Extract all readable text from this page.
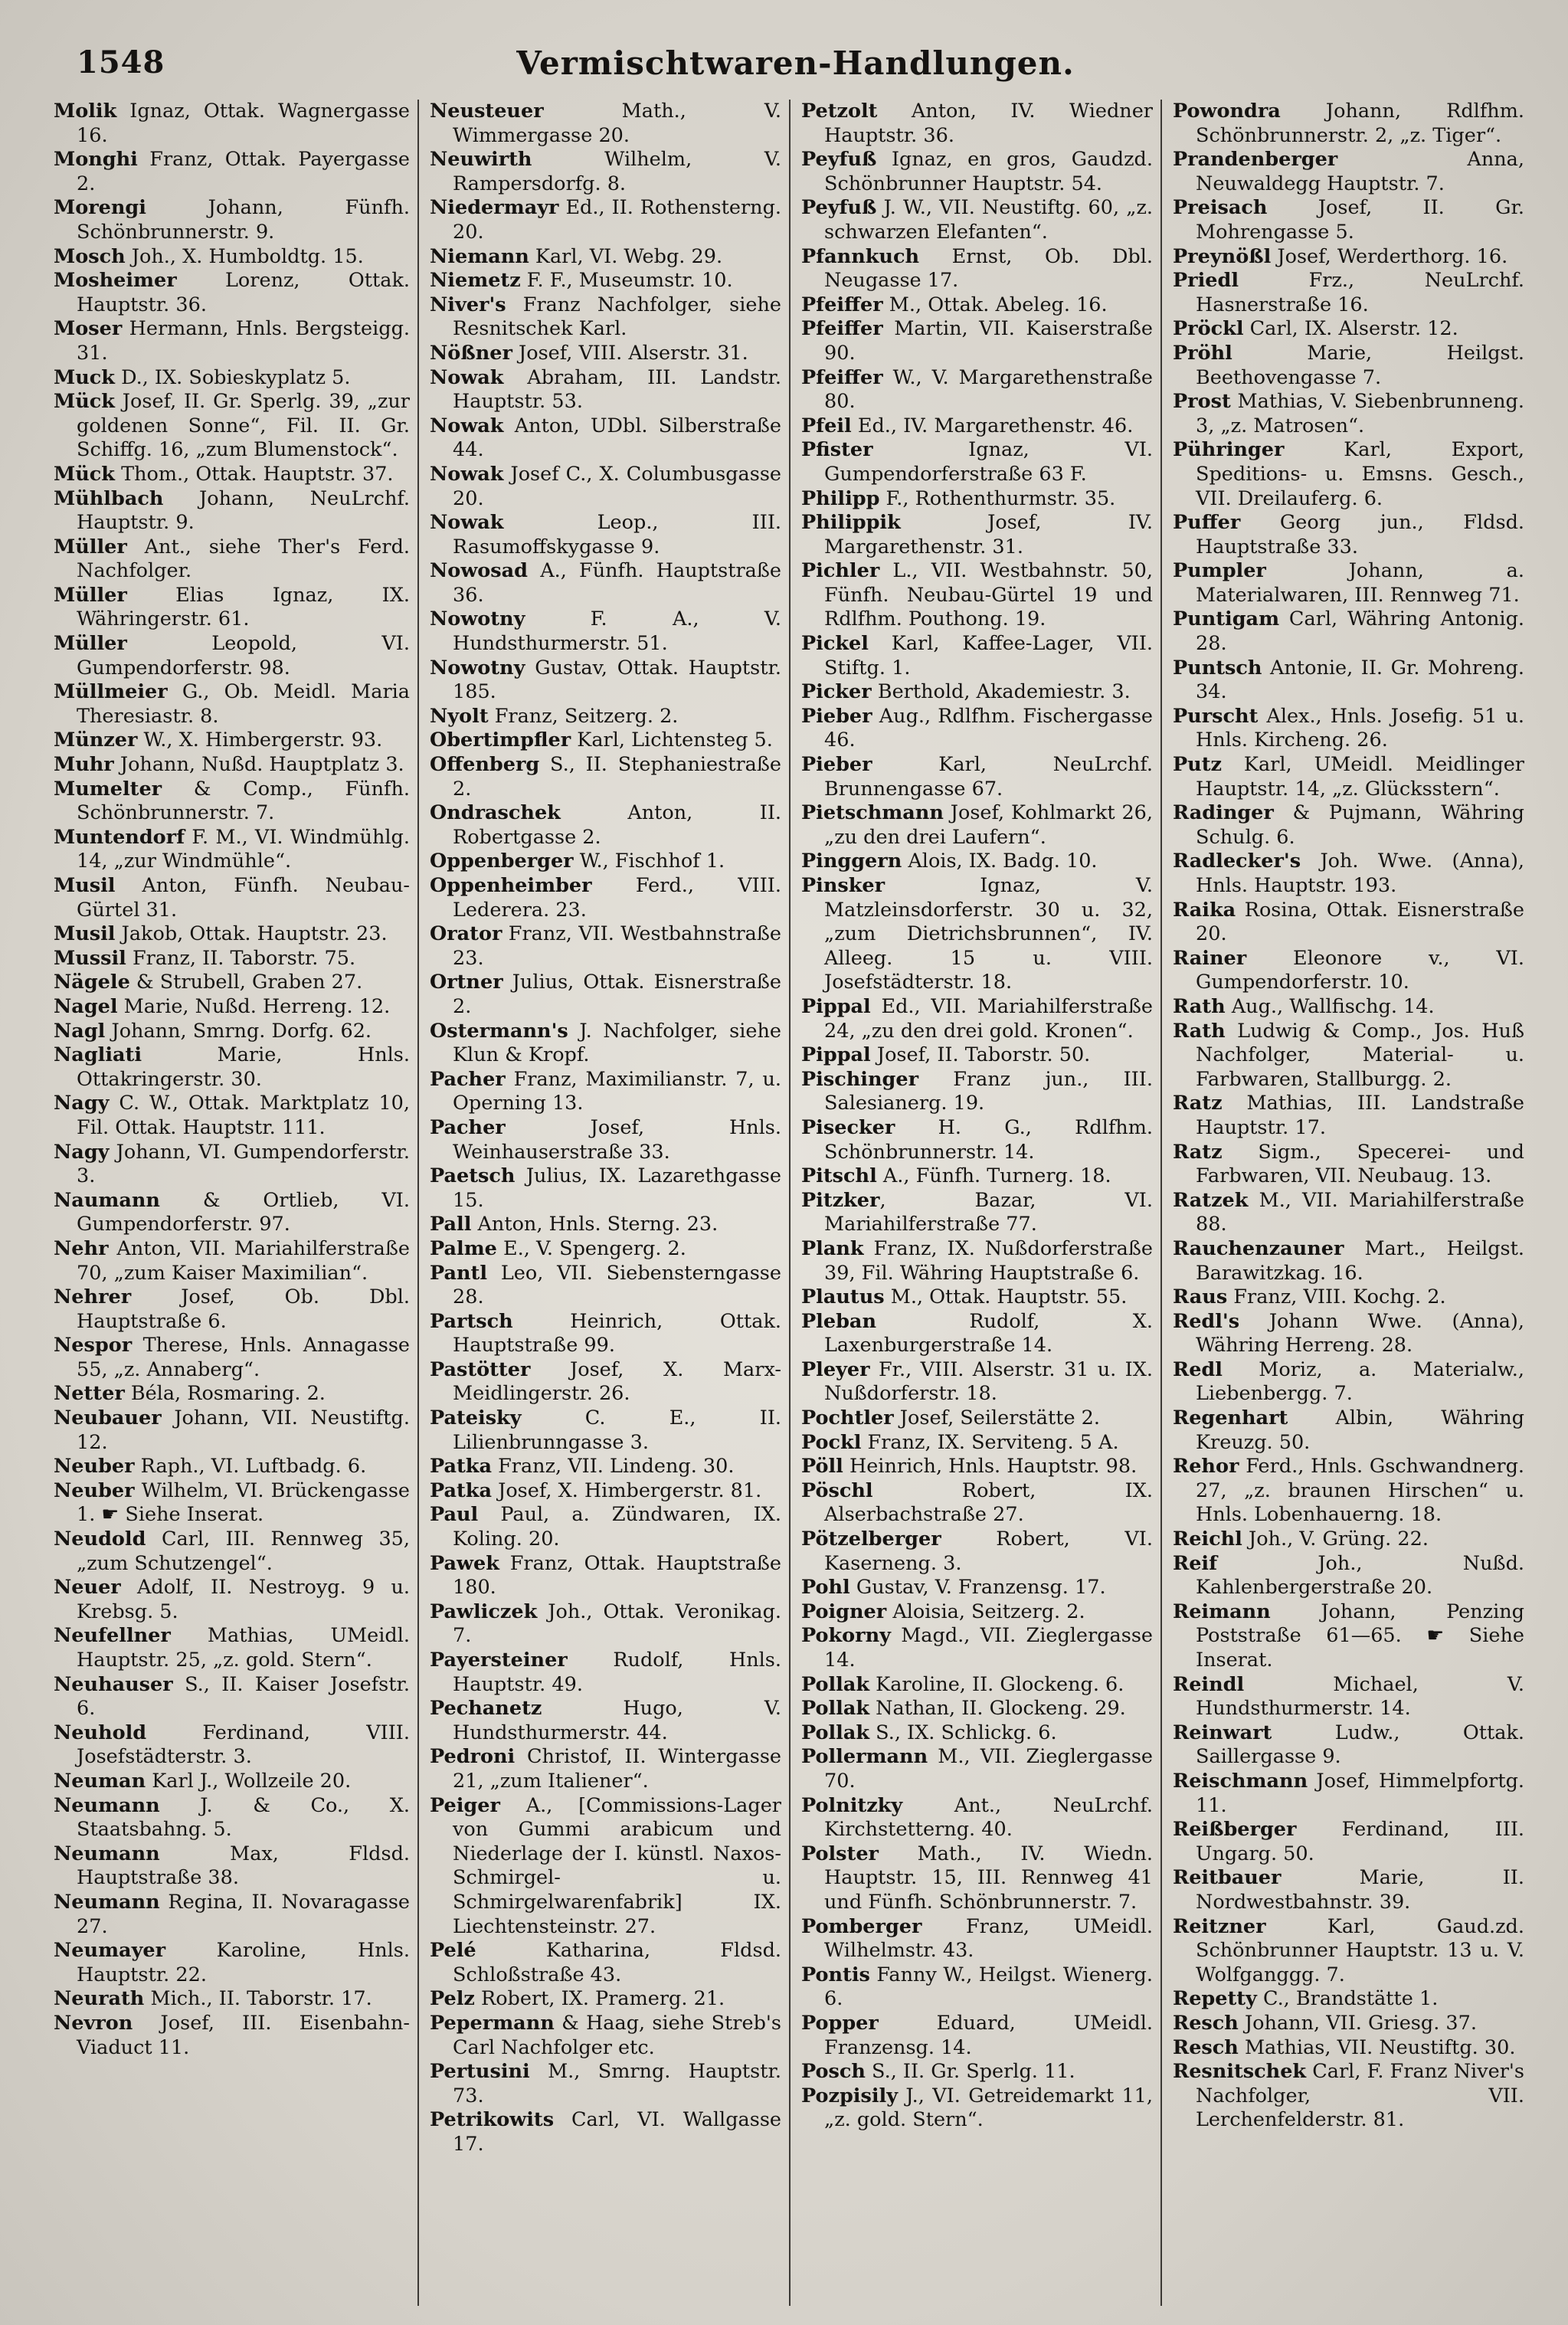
1548	Vermischtwaren-Handlungen.
Molik Ignaz, Ottak. Wagnergasse 16.
Monghi Franz, Ottak. Payergasse 2.
Morengi Johann, Fünfh. Schönbrunnerstr. 9.
Mosch Joh., X. Humboldtg. 15.
Mosheimer Lorenz, Ottak. Hauptstr. 36.
Moser Hermann, Hnls. Bergsteigg. 31.
Muck D., IX. Sobieskyplatz 5.
Mück Josef, II. Gr. Sperlg. 39, „zur goldenen Sonne“, Fil. II. Gr. Schiffg. 16, „zum Blumenstock“.
Mück Thom., Ottak. Hauptstr. 37.
Mühlbach Johann, NeuLrchf. Hauptstr. 9.
Müller Ant., siehe Ther's Ferd. Nachfolger.
Müller Elias Ignaz, IX. Währingerstr. 61.
Müller Leopold, VI. Gumpendorferstr. 98.
Müllmeier G., Ob. Meidl. Maria Theresiastr. 8.
Münzer W., X. Himbergerstr. 93.
Muhr Johann, Nußd. Hauptplatz 3.
Mumelter & Comp., Fünfh. Schönbrunnerstr. 7.
Muntendorf F. M., VI. Windmühlg. 14, „zur Windmühle“.
Musil Anton, Fünfh. Neubau-Gürtel 31.
Musil Jakob, Ottak. Hauptstr. 23.
Mussil Franz, II. Taborstr. 75.
Nägele & Strubell, Graben 27.
Nagel Marie, Nußd. Herreng. 12.
Nagl Johann, Smrng. Dorfg. 62.
Nagliati Marie, Hnls. Ottakringerstr. 30.
Nagy C. W., Ottak. Marktplatz 10, Fil. Ottak. Hauptstr. 111.
Nagy Johann, VI. Gumpendorferstr. 3.
Naumann & Ortlieb, VI. Gumpendorferstr. 97.
Nehr Anton, VII. Mariahilferstraße 70, „zum Kaiser Maximilian“.
Nehrer Josef, Ob. Dbl. Hauptstraße 6.
Nespor Therese, Hnls. Annagasse 55, „z. Annaberg“.
Netter Béla, Rosmaring. 2.
Neubauer Johann, VII. Neustiftg. 12.
Neuber Raph., VI. Luftbadg. 6.
Neuber Wilhelm, VI. Brückengasse 1. ☛ Siehe Inserat.
Neudold Carl, III. Rennweg 35, „zum Schutzengel“.
Neuer Adolf, II. Nestroyg. 9 u. Krebsg. 5.
Neufellner Mathias, UMeidl. Hauptstr. 25, „z. gold. Stern“.
Neuhauser S., II. Kaiser Josefstr. 6.
Neuhold Ferdinand, VIII. Josefstädterstr. 3.
Neuman Karl J., Wollzeile 20.
Neumann J. & Co., X. Staatsbahng. 5.
Neumann Max, Fldsd. Hauptstraße 38.
Neumann Regina, II. Novaragasse 27.
Neumayer Karoline, Hnls. Hauptstr. 22.
Neurath Mich., II. Taborstr. 17.
Nevron Josef, III. Eisenbahn-Viaduct 11.
Neusteuer Math., V. Wimmergasse 20.
Neuwirth Wilhelm, V. Rampersdorfg. 8.
Niedermayr Ed., II. Rothensterng. 20.
Niemann Karl, VI. Webg. 29.
Niemetz F. F., Museumstr. 10.
Niver's Franz Nachfolger, siehe Resnitschek Karl.
Nößner Josef, VIII. Alserstr. 31.
Nowak Abraham, III. Landstr. Hauptstr. 53.
Nowak Anton, UDbl. Silberstraße 44.
Nowak Josef C., X. Columbusgasse 20.
Nowak Leop., III. Rasumoffskygasse 9.
Nowosad A., Fünfh. Hauptstraße 36.
Nowotny F. A., V. Hundsthurmerstr. 51.
Nowotny Gustav, Ottak. Hauptstr. 185.
Nyolt Franz, Seitzerg. 2.
Obertimpfler Karl, Lichtensteg 5.
Offenberg S., II. Stephaniestraße 2.
Ondraschek Anton, II. Robertgasse 2.
Oppenberger W., Fischhof 1.
Oppenheimber Ferd., VIII. Lederera. 23.
Orator Franz, VII. Westbahnstraße 23.
Ortner Julius, Ottak. Eisnerstraße 2.
Ostermann's J. Nachfolger, siehe Klun & Kropf.
Pacher Franz, Maximilianstr. 7, u. Operning 13.
Pacher Josef, Hnls. Weinhauserstraße 33.
Paetsch Julius, IX. Lazarethgasse 15.
Pall Anton, Hnls. Sterng. 23.
Palme E., V. Spengerg. 2.
Pantl Leo, VII. Siebensterngasse 28.
Partsch Heinrich, Ottak. Hauptstraße 99.
Pastötter Josef, X. Marx-Meidlingerstr. 26.
Pateisky C. E., II. Lilienbrunngasse 3.
Patka Franz, VII. Lindeng. 30.
Patka Josef, X. Himbergerstr. 81.
Paul Paul, a. Zündwaren, IX. Koling. 20.
Pawek Franz, Ottak. Hauptstraße 180.
Pawliczek Joh., Ottak. Veronikag. 7.
Payersteiner Rudolf, Hnls. Hauptstr. 49.
Pechanetz Hugo, V. Hundsthurmerstr. 44.
Pedroni Christof, II. Wintergasse 21, „zum Italiener“.
Peiger A., [Commissions-Lager von Gummi arabicum und Niederlage der I. künstl. Naxos-Schmirgel- u. Schmirgelwarenfabrik] IX. Liechtensteinstr. 27.
Pelé Katharina, Fldsd. Schloßstraße 43.
Pelz Robert, IX. Pramerg. 21.
Pepermann & Haag, siehe Streb's Carl Nachfolger etc.
Pertusini M., Smrng. Hauptstr. 73.
Petrikowits Carl, VI. Wallgasse 17.
Petzolt Anton, IV. Wiedner Hauptstr. 36.
Peyfuß Ignaz, en gros, Gaudzd. Schönbrunner Hauptstr. 54.
Peyfuß J. W., VII. Neustiftg. 60, „z. schwarzen Elefanten“.
Pfannkuch Ernst, Ob. Dbl. Neugasse 17.
Pfeiffer M., Ottak. Abeleg. 16.
Pfeiffer Martin, VII. Kaiserstraße 90.
Pfeiffer W., V. Margarethenstraße 80.
Pfeil Ed., IV. Margarethenstr. 46.
Pfister Ignaz, VI. Gumpendorferstraße 63 F.
Philipp F., Rothenthurmstr. 35.
Philippik Josef, IV. Margarethenstr. 31.
Pichler L., VII. Westbahnstr. 50, Fünfh. Neubau-Gürtel 19 und Rdlfhm. Pouthong. 19.
Pickel Karl, Kaffee-Lager, VII. Stiftg. 1.
Picker Berthold, Akademiestr. 3.
Pieber Aug., Rdlfhm. Fischergasse 46.
Pieber Karl, NeuLrchf. Brunnengasse 67.
Pietschmann Josef, Kohlmarkt 26, „zu den drei Laufern“.
Pinggern Alois, IX. Badg. 10.
Pinsker Ignaz, V. Matzleinsdorferstr. 30 u. 32, „zum Dietrichsbrunnen“, IV. Alleeg. 15 u. VIII. Josefstädterstr. 18.
Pippal Ed., VII. Mariahilferstraße 24, „zu den drei gold. Kronen“.
Pippal Josef, II. Taborstr. 50.
Pischinger Franz jun., III. Salesianerg. 19.
Pisecker H. G., Rdlfhm. Schönbrunnerstr. 14.
Pitschl A., Fünfh. Turnerg. 18.
Pitzker, Bazar, VI. Mariahilferstraße 77.
Plank Franz, IX. Nußdorferstraße 39, Fil. Währing Hauptstraße 6.
Plautus M., Ottak. Hauptstr. 55.
Pleban Rudolf, X. Laxenburgerstraße 14.
Pleyer Fr., VIII. Alserstr. 31 u. IX. Nußdorferstr. 18.
Pochtler Josef, Seilerstätte 2.
Pockl Franz, IX. Serviteng. 5 A.
Pöll Heinrich, Hnls. Hauptstr. 98.
Pöschl Robert, IX. Alserbachstraße 27.
Pötzelberger Robert, VI. Kaserneng. 3.
Pohl Gustav, V. Franzensg. 17.
Poigner Aloisia, Seitzerg. 2.
Pokorny Magd., VII. Zieglergasse 14.
Pollak Karoline, II. Glockeng. 6.
Pollak Nathan, II. Glockeng. 29.
Pollak S., IX. Schlickg. 6.
Pollermann M., VII. Zieglergasse 70.
Polnitzky Ant., NeuLrchf. Kirchstetterng. 40.
Polster Math., IV. Wiedn. Hauptstr. 15, III. Rennweg 41 und Fünfh. Schönbrunnerstr. 7.
Pomberger Franz, UMeidl. Wilhelmstr. 43.
Pontis Fanny W., Heilgst. Wienerg. 6.
Popper Eduard, UMeidl. Franzensg. 14.
Posch S., II. Gr. Sperlg. 11.
Pozpisily J., VI. Getreidemarkt 11, „z. gold. Stern“.
Powondra Johann, Rdlfhm. Schönbrunnerstr. 2, „z. Tiger“.
Prandenberger Anna, Neuwaldegg Hauptstr. 7.
Preisach Josef, II. Gr. Mohrengasse 5.
Preynößl Josef, Werderthorg. 16.
Priedl Frz., NeuLrchf. Hasnerstraße 16.
Pröckl Carl, IX. Alserstr. 12.
Pröhl Marie, Heilgst. Beethovengasse 7.
Prost Mathias, V. Siebenbrunneng. 3, „z. Matrosen“.
Pühringer Karl, Export, Speditions- u. Emsns. Gesch., VII. Dreilauferg. 6.
Puffer Georg jun., Fldsd. Hauptstraße 33.
Pumpler Johann, a. Materialwaren, III. Rennweg 71.
Puntigam Carl, Währing Antonig. 28.
Puntsch Antonie, II. Gr. Mohreng. 34.
Purscht Alex., Hnls. Josefig. 51 u. Hnls. Kircheng. 26.
Putz Karl, UMeidl. Meidlinger Hauptstr. 14, „z. Glücksstern“.
Radinger & Pujmann, Währing Schulg. 6.
Radlecker's Joh. Wwe. (Anna), Hnls. Hauptstr. 193.
Raika Rosina, Ottak. Eisnerstraße 20.
Rainer Eleonore v., VI. Gumpendorferstr. 10.
Rath Aug., Wallfischg. 14.
Rath Ludwig & Comp., Jos. Huß Nachfolger, Material- u. Farbwaren, Stallburgg. 2.
Ratz Mathias, III. Landstraße Hauptstr. 17.
Ratz Sigm., Specerei- und Farbwaren, VII. Neubaug. 13.
Ratzek M., VII. Mariahilferstraße 88.
Rauchenzauner Mart., Heilgst. Barawitzkag. 16.
Raus Franz, VIII. Kochg. 2.
Redl's Johann Wwe. (Anna), Währing Herreng. 28.
Redl Moriz, a. Materialw., Liebenbergg. 7.
Regenhart Albin, Währing Kreuzg. 50.
Rehor Ferd., Hnls. Gschwandnerg. 27, „z. braunen Hirschen“ u. Hnls. Lobenhauerng. 18.
Reichl Joh., V. Grüng. 22.
Reif Joh., Nußd. Kahlenbergerstraße 20.
Reimann Johann, Penzing Poststraße 61—65. ☛ Siehe Inserat.
Reindl Michael, V. Hundsthurmerstr. 14.
Reinwart Ludw., Ottak. Saillergasse 9.
Reischmann Josef, Himmelpfortg. 11.
Reißberger Ferdinand, III. Ungarg. 50.
Reitbauer Marie, II. Nordwestbahnstr. 39.
Reitzner Karl, Gaud.zd. Schönbrunner Hauptstr. 13 u. V. Wolfganggg. 7.
Repetty C., Brandstätte 1.
Resch Johann, VII. Griesg. 37.
Resch Mathias, VII. Neustiftg. 30.
Resnitschek Carl, F. Franz Niver's Nachfolger, VII. Lerchenfelderstr. 81.
